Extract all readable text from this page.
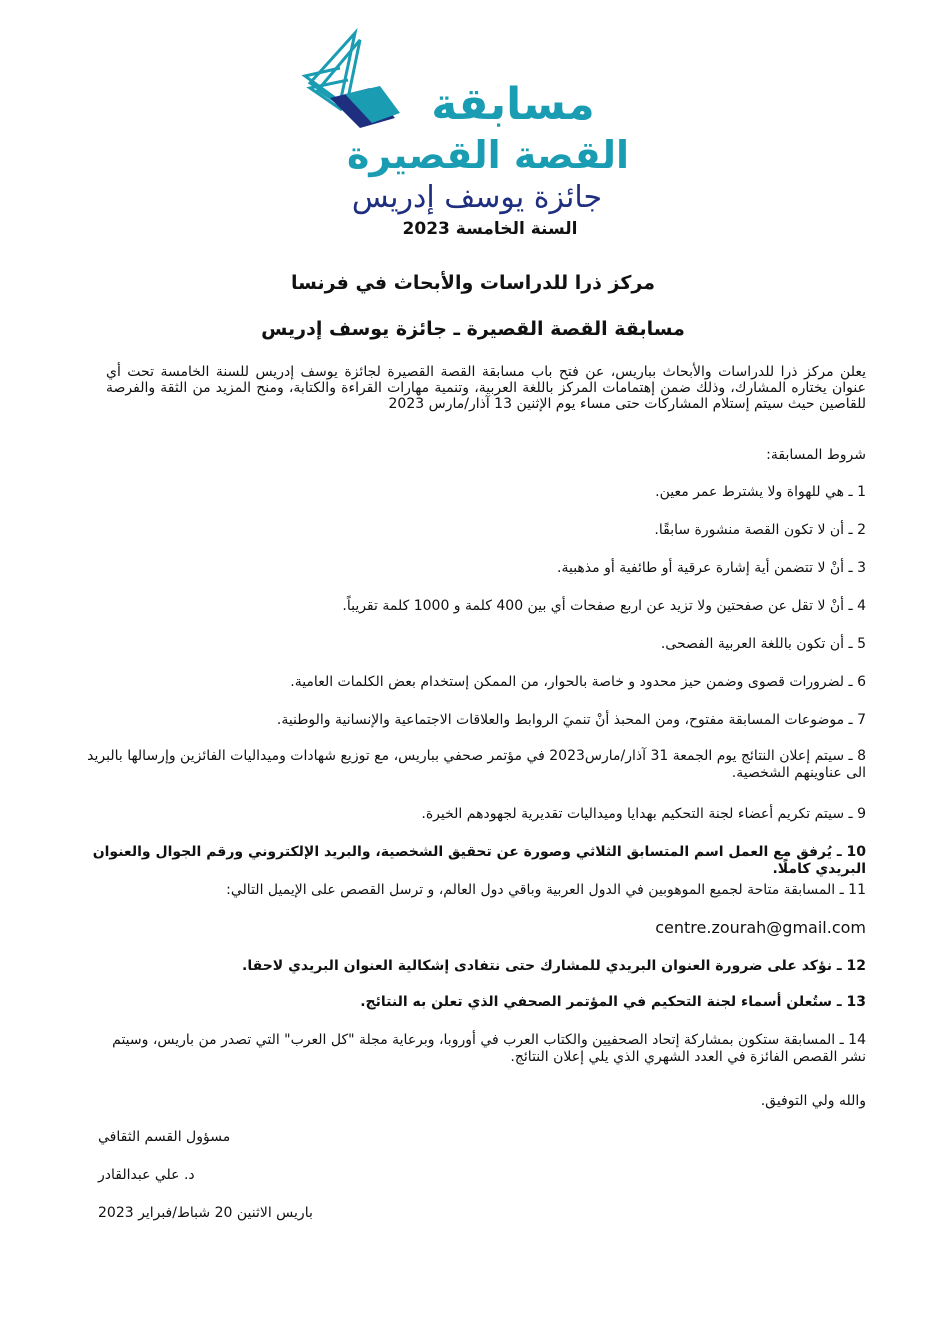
مسابقة
القصة القصيرة
جائزة يوسف إدريس
السنة الخامسة 2023
مركز ذرا للدراسات والأبحاث في فرنسا
مسابقة القصة القصيرة ـ جائزة يوسف إدريس

يعلن مركز ذرا للدراسات والأبحاث بباريس، عن فتح باب مسابقة القصة القصيرة لجائزة يوسف إدريس للسنة الخامسة تحت أي عنوان يختاره المشارك، وذلك ضمن إهتمامات المركز باللغة العربية، وتنمية مهارات القراءة والكتابة، ومنح المزيد من الثقة والفرصة للقاصين حيث سيتم إستلام المشاركات حتى مساء يوم الإثنين 13 آذار/مارس 2023

شروط المسابقة:

1 ـ هي للهواة ولا يشترط عمر معين.

2 ـ أن لا تكون القصة منشورة سابقًا.

3 ـ أنْ لا تتضمن أية إشارة عرقية أو طائفية أو مذهبية.

4 ـ أنْ لا تقل عن صفحتين ولا تزيد عن اربع صفحات أي بين 400 كلمة و 1000 كلمة تقريباً.

5 ـ أن تكون باللغة العربية الفصحى.

6 ـ لضرورات قصوى وضمن حيز محدود و خاصة بالحوار، من الممكن إستخدام بعض الكلمات العامية.

7 ـ موضوعات المسابقة مفتوح، ومن المحبذ أنْ تنميَ الروابط والعلاقات الاجتماعية والإنسانية والوطنية.

8 ـ سيتم إعلان النتائج يوم الجمعة 31 آذار/مارس2023 في مؤتمر صحفي بباريس، مع توزيع شهادات وميداليات الفائزين وإرسالها بالبريد الى عناوينهم الشخصية.

9 ـ سيتم تكريم أعضاء لجنة التحكيم بهدايا وميداليات تقديرية لجهودهم الخيرة.

10 ـ يُرفق مع العمل اسم المتسابق الثلاثي وصورة عن تحقيق الشخصية، والبريد الإلكتروني ورقم الجوال والعنوان البريدي كاملًا.

11 ـ المسابقة متاحة لجميع الموهوبين في الدول العربية وباقي دول العالم، و ترسل القصص على الإيميل التالي:

centre.zourah@gmail.com

12 ـ نؤكد على ضرورة العنوان البريدي للمشارك حتى نتفادى إشكالية العنوان البريدي لاحقا.

13 ـ ستُعلن أسماء لجنة التحكيم في المؤتمر الصحفي الذي تعلن به النتائج.

14 ـ المسابقة ستكون بمشاركة إتحاد الصحفيين والكتاب العرب في أوروبا، وبرعاية مجلة "كل العرب" التي تصدر من باريس، وسيتم نشر القصص الفائزة في العدد الشهري الذي يلي إعلان النتائج.

والله ولي التوفيق.
مسؤول القسم الثقافي
د. علي عبدالقادر
باريس الاثنين 20 شباط/فبراير 2023
